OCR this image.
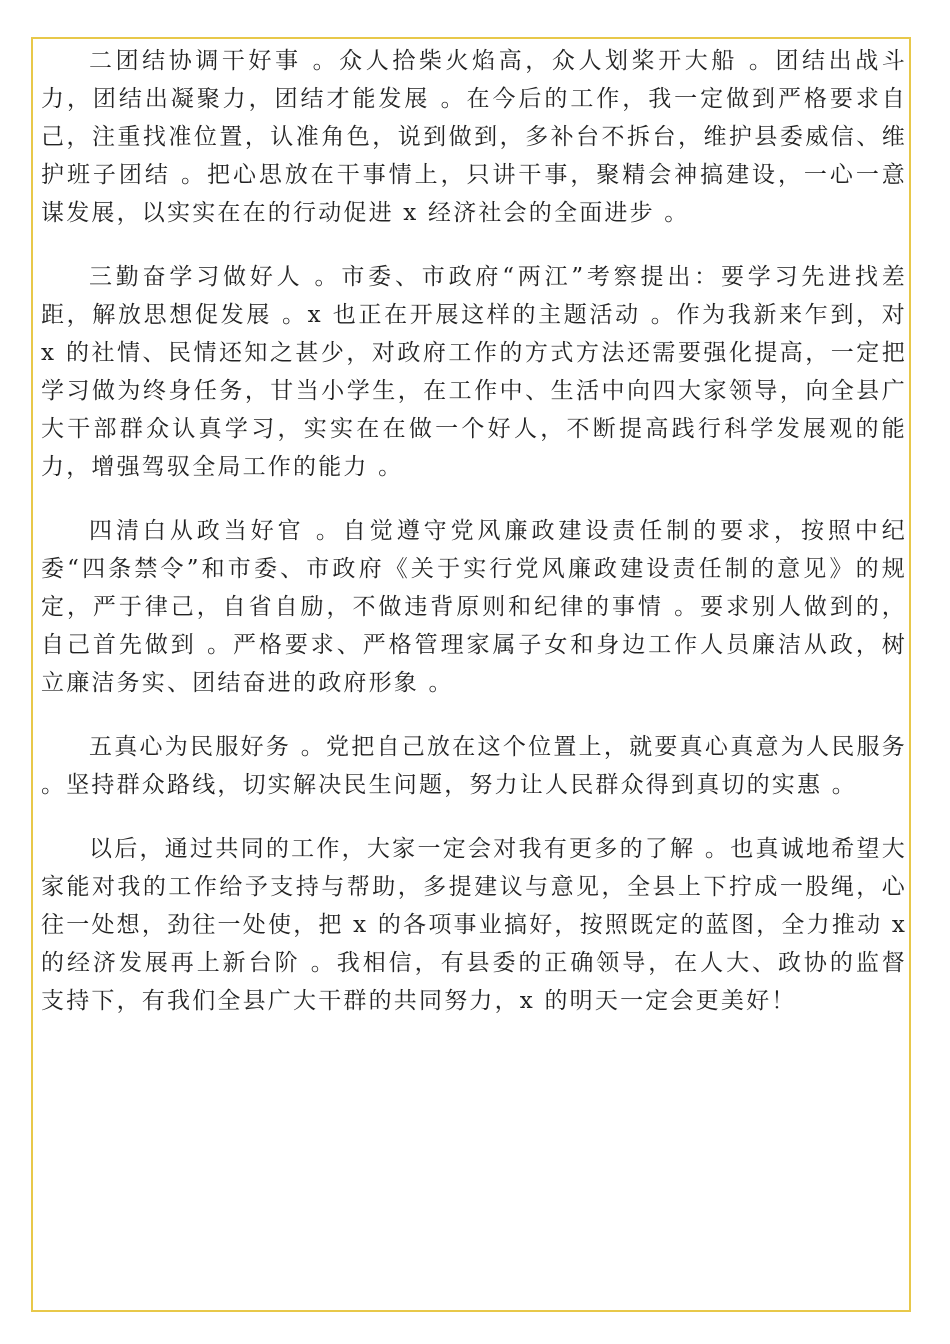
二团结协调干好事 。众人拾柴火焰高，众人划桨开大船 。团结出战斗力，团结出凝聚力，团结才能发展 。在今后的工作，我一定做到严格要求自己，注重找准位置，认准角色，说到做到，多补台不拆台，维护县委威信、维护班子团结 。把心思放在干事情上，只讲干事，聚精会神搞建设，一心一意谋发展，以实实在在的行动促进 x 经济社会的全面进步 。

三勤奋学习做好人 。市委、市政府“两江”考察提出：要学习先进找差距，解放思想促发展 。x 也正在开展这样的主题活动 。作为我新来乍到，对 x 的社情、民情还知之甚少，对政府工作的方式方法还需要强化提高，一定把学习做为终身任务，甘当小学生，在工作中、生活中向四大家领导，向全县广大干部群众认真学习，实实在在做一个好人，不断提高践行科学发展观的能力，增强驾驭全局工作的能力 。

四清白从政当好官 。自觉遵守党风廉政建设责任制的要求，按照中纪委“四条禁令”和市委、市政府《关于实行党风廉政建设责任制的意见》的规定，严于律己，自省自励，不做违背原则和纪律的事情 。要求别人做到的，自己首先做到 。严格要求、严格管理家属子女和身边工作人员廉洁从政，树立廉洁务实、团结奋进的政府形象 。

五真心为民服好务 。党把自己放在这个位置上，就要真心真意为人民服务 。坚持群众路线，切实解决民生问题，努力让人民群众得到真切的实惠 。

以后，通过共同的工作，大家一定会对我有更多的了解 。也真诚地希望大家能对我的工作给予支持与帮助，多提建议与意见，全县上下拧成一股绳，心往一处想，劲往一处使，把 x 的各项事业搞好，按照既定的蓝图，全力推动 x 的经济发展再上新台阶 。我相信，有县委的正确领导，在人大、政协的监督支持下，有我们全县广大干群的共同努力，x 的明天一定会更美好！
